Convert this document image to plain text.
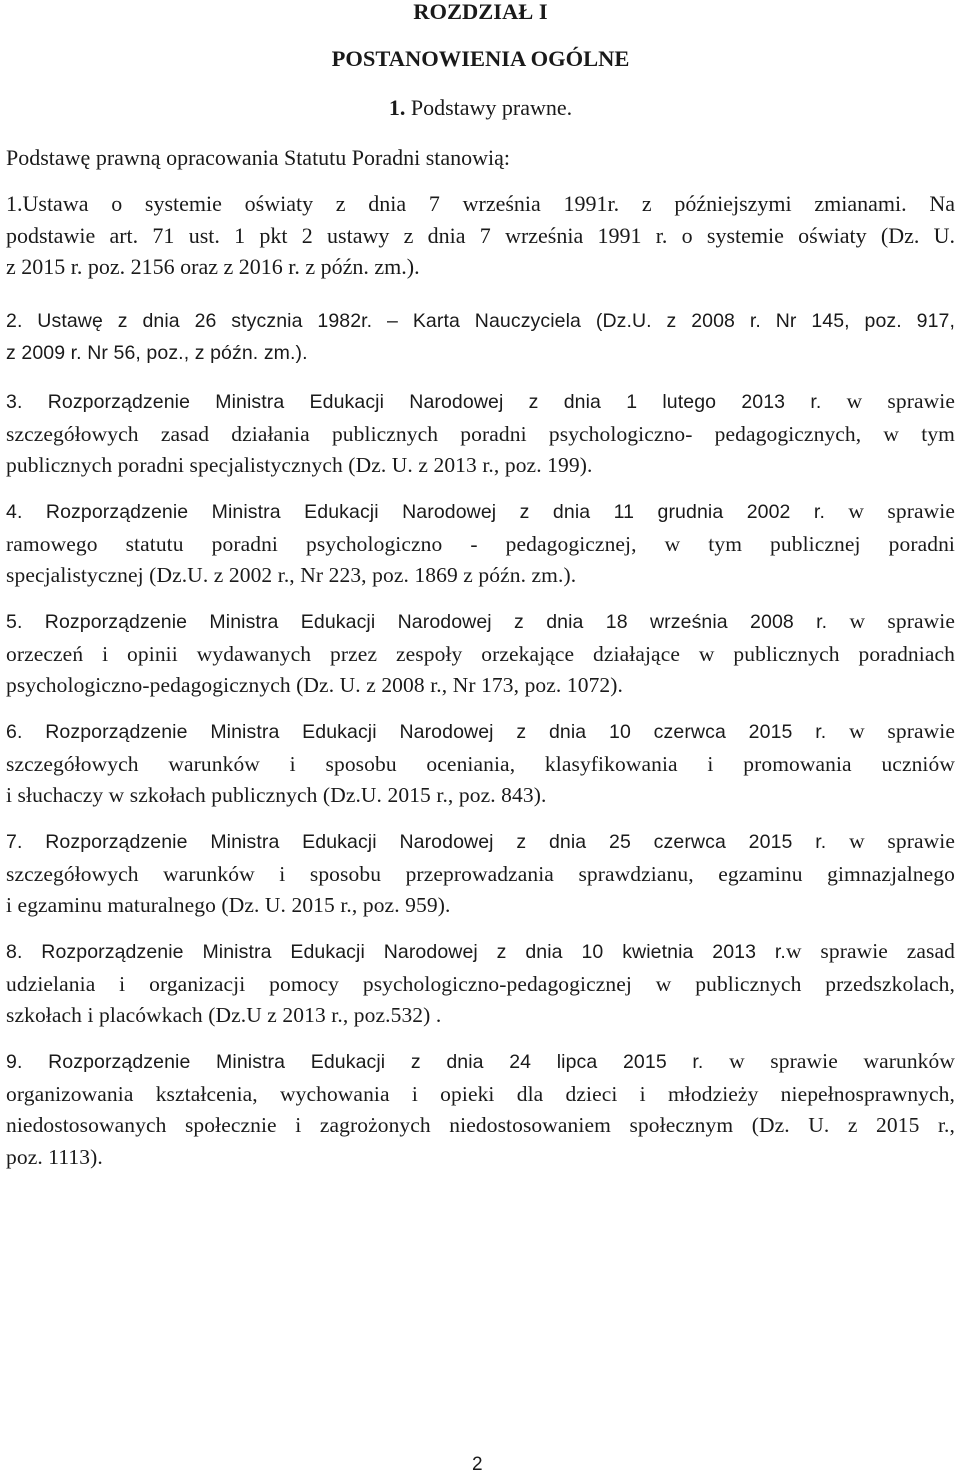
ROZDZIAŁ I
POSTANOWIENIA OGÓLNE
1. Podstawy prawne.

Podstawę prawną opracowania Statutu Poradni stanowią:

1.Ustawa o systemie oświaty z dnia 7 września 1991r. z późniejszymi zmianami. Na
podstawie art. 71 ust. 1 pkt 2 ustawy z dnia 7 września 1991 r. o systemie oświaty (Dz. U.
z 2015 r. poz. 2156 oraz z 2016 r. z późn. zm.).
2. Ustawę z dnia 26 stycznia 1982r. – Karta Nauczyciela (Dz.U. z 2008 r. Nr 145, poz. 917,
z 2009 r. Nr 56, poz., z późn. zm.).
3. Rozporządzenie Ministra Edukacji Narodowej z dnia 1 lutego 2013 r. w sprawie
szczegółowych zasad działania publicznych poradni psychologiczno- pedagogicznych, w tym
publicznych poradni specjalistycznych (Dz. U. z 2013 r., poz. 199).
4. Rozporządzenie Ministra Edukacji Narodowej z dnia 11 grudnia 2002 r. w sprawie
ramowego statutu poradni psychologiczno - pedagogicznej, w tym publicznej poradni
specjalistycznej (Dz.U. z 2002 r., Nr 223, poz. 1869 z późn. zm.).
5. Rozporządzenie Ministra Edukacji Narodowej z dnia 18 września 2008 r. w sprawie
orzeczeń i opinii wydawanych przez zespoły orzekające działające w publicznych poradniach
psychologiczno-pedagogicznych (Dz. U. z 2008 r., Nr 173, poz. 1072).
6. Rozporządzenie Ministra Edukacji Narodowej z dnia 10 czerwca 2015 r. w sprawie
szczegółowych warunków i sposobu oceniania, klasyfikowania i promowania uczniów
i słuchaczy w szkołach publicznych (Dz.U. 2015 r., poz. 843).
7. Rozporządzenie Ministra Edukacji Narodowej z dnia 25 czerwca 2015 r. w sprawie
szczegółowych warunków i sposobu przeprowadzania sprawdzianu, egzaminu gimnazjalnego
i egzaminu maturalnego (Dz. U. 2015 r., poz. 959).
8. Rozporządzenie Ministra Edukacji Narodowej z dnia 10 kwietnia 2013 r.w sprawie zasad
udzielania i organizacji pomocy psychologiczno-pedagogicznej w publicznych przedszkolach,
szkołach i placówkach (Dz.U z 2013 r., poz.532) .
9. Rozporządzenie Ministra Edukacji z dnia 24 lipca 2015 r. w sprawie warunków
organizowania kształcenia, wychowania i opieki dla dzieci i młodzieży niepełnosprawnych,
niedostosowanych społecznie i zagrożonych niedostosowaniem społecznym (Dz. U. z 2015 r.,
poz. 1113).
2
